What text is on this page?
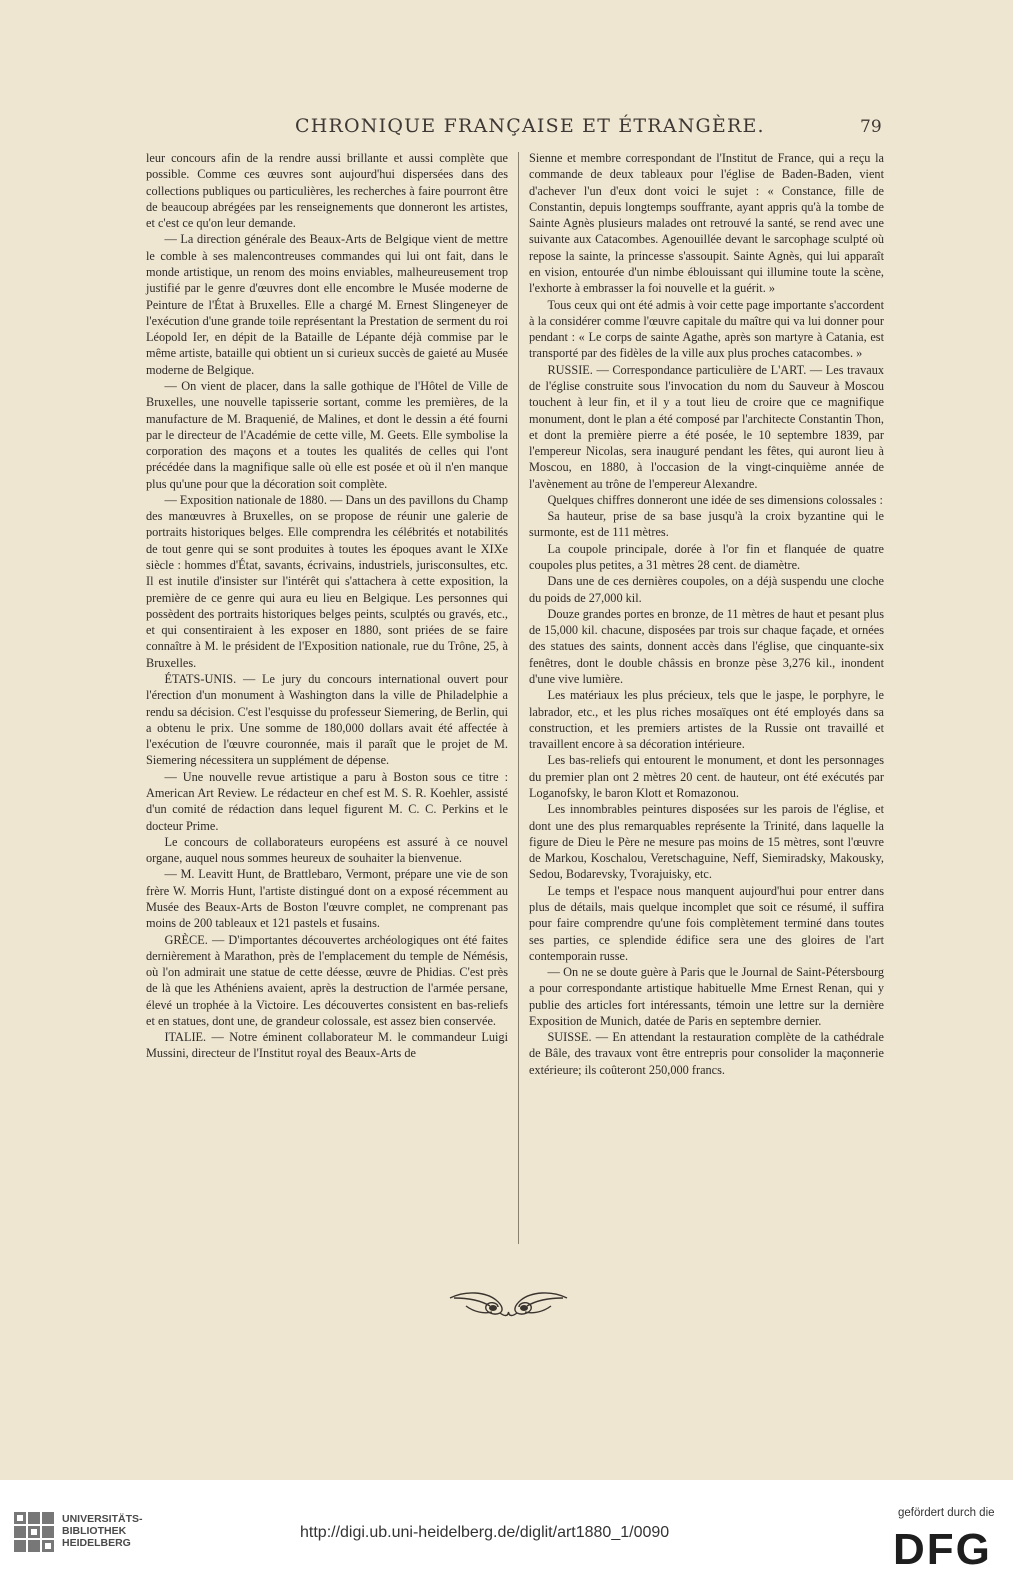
CHRONIQUE FRANÇAISE ET ÉTRANGÈRE.	79

leur concours afin de la rendre aussi brillante et aussi complète que possible. Comme ces œuvres sont aujourd'hui dispersées dans des collections publiques ou particulières, les recherches à faire pourront être de beaucoup abrégées par les renseignements que donneront les artistes, et c'est ce qu'on leur demande.

— La direction générale des Beaux-Arts de Belgique vient de mettre le comble à ses malencontreuses commandes qui lui ont fait, dans le monde artistique, un renom des moins enviables, malheureusement trop justifié par le genre d'œuvres dont elle encombre le Musée moderne de Peinture de l'État à Bruxelles. Elle a chargé M. Ernest Slingeneyer de l'exécution d'une grande toile représentant la Prestation de serment du roi Léopold Ier, en dépit de la Bataille de Lépante déjà commise par le même artiste, bataille qui obtient un si curieux succès de gaieté au Musée moderne de Belgique.

— On vient de placer, dans la salle gothique de l'Hôtel de Ville de Bruxelles, une nouvelle tapisserie sortant, comme les premières, de la manufacture de M. Braquenié, de Malines, et dont le dessin a été fourni par le directeur de l'Académie de cette ville, M. Geets. Elle symbolise la corporation des maçons et a toutes les qualités de celles qui l'ont précédée dans la magnifique salle où elle est posée et où il n'en manque plus qu'une pour que la décoration soit complète.

— Exposition nationale de 1880. — Dans un des pavillons du Champ des manœuvres à Bruxelles, on se propose de réunir une galerie de portraits historiques belges. Elle comprendra les célébrités et notabilités de tout genre qui se sont produites à toutes les époques avant le XIXe siècle : hommes d'État, savants, écrivains, industriels, jurisconsultes, etc. Il est inutile d'insister sur l'intérêt qui s'attachera à cette exposition, la première de ce genre qui aura eu lieu en Belgique. Les personnes qui possèdent des portraits historiques belges peints, sculptés ou gravés, etc., et qui consentiraient à les exposer en 1880, sont priées de se faire connaître à M. le président de l'Exposition nationale, rue du Trône, 25, à Bruxelles.

ÉTATS-UNIS. — Le jury du concours international ouvert pour l'érection d'un monument à Washington dans la ville de Philadelphie a rendu sa décision. C'est l'esquisse du professeur Siemering, de Berlin, qui a obtenu le prix. Une somme de 180,000 dollars avait été affectée à l'exécution de l'œuvre couronnée, mais il paraît que le projet de M. Siemering nécessitera un supplément de dépense.

— Une nouvelle revue artistique a paru à Boston sous ce titre : American Art Review. Le rédacteur en chef est M. S. R. Koehler, assisté d'un comité de rédaction dans lequel figurent M. C. C. Perkins et le docteur Prime.

Le concours de collaborateurs européens est assuré à ce nouvel organe, auquel nous sommes heureux de souhaiter la bienvenue.

— M. Leavitt Hunt, de Brattlebaro, Vermont, prépare une vie de son frère W. Morris Hunt, l'artiste distingué dont on a exposé récemment au Musée des Beaux-Arts de Boston l'œuvre complet, ne comprenant pas moins de 200 tableaux et 121 pastels et fusains.

GRÈCE. — D'importantes découvertes archéologiques ont été faites dernièrement à Marathon, près de l'emplacement du temple de Némésis, où l'on admirait une statue de cette déesse, œuvre de Phidias. C'est près de là que les Athéniens avaient, après la destruction de l'armée persane, élevé un trophée à la Victoire. Les découvertes consistent en bas-reliefs et en statues, dont une, de grandeur colossale, est assez bien conservée.

ITALIE. — Notre éminent collaborateur M. le commandeur Luigi Mussini, directeur de l'Institut royal des Beaux-Arts de

Sienne et membre correspondant de l'Institut de France, qui a reçu la commande de deux tableaux pour l'église de Baden-Baden, vient d'achever l'un d'eux dont voici le sujet : « Constance, fille de Constantin, depuis longtemps souffrante, ayant appris qu'à la tombe de Sainte Agnès plusieurs malades ont retrouvé la santé, se rend avec une suivante aux Catacombes. Agenouillée devant le sarcophage sculpté où repose la sainte, la princesse s'assoupit. Sainte Agnès, qui lui apparaît en vision, entourée d'un nimbe éblouissant qui illumine toute la scène, l'exhorte à embrasser la foi nouvelle et la guérit. »

Tous ceux qui ont été admis à voir cette page importante s'accordent à la considérer comme l'œuvre capitale du maître qui va lui donner pour pendant : « Le corps de sainte Agathe, après son martyre à Catania, est transporté par des fidèles de la ville aux plus proches catacombes. »

RUSSIE. — Correspondance particulière de L'ART. — Les travaux de l'église construite sous l'invocation du nom du Sauveur à Moscou touchent à leur fin, et il y a tout lieu de croire que ce magnifique monument, dont le plan a été composé par l'architecte Constantin Thon, et dont la première pierre a été posée, le 10 septembre 1839, par l'empereur Nicolas, sera inauguré pendant les fêtes, qui auront lieu à Moscou, en 1880, à l'occasion de la vingt-cinquième année de l'avènement au trône de l'empereur Alexandre.

Quelques chiffres donneront une idée de ses dimensions colossales :

Sa hauteur, prise de sa base jusqu'à la croix byzantine qui le surmonte, est de 111 mètres.

La coupole principale, dorée à l'or fin et flanquée de quatre coupoles plus petites, a 31 mètres 28 cent. de diamètre.

Dans une de ces dernières coupoles, on a déjà suspendu une cloche du poids de 27,000 kil.

Douze grandes portes en bronze, de 11 mètres de haut et pesant plus de 15,000 kil. chacune, disposées par trois sur chaque façade, et ornées des statues des saints, donnent accès dans l'église, que cinquante-six fenêtres, dont le double châssis en bronze pèse 3,276 kil., inondent d'une vive lumière.

Les matériaux les plus précieux, tels que le jaspe, le porphyre, le labrador, etc., et les plus riches mosaïques ont été employés dans sa construction, et les premiers artistes de la Russie ont travaillé et travaillent encore à sa décoration intérieure.

Les bas-reliefs qui entourent le monument, et dont les personnages du premier plan ont 2 mètres 20 cent. de hauteur, ont été exécutés par Loganofsky, le baron Klott et Romazonou.

Les innombrables peintures disposées sur les parois de l'église, et dont une des plus remarquables représente la Trinité, dans laquelle la figure de Dieu le Père ne mesure pas moins de 15 mètres, sont l'œuvre de Markou, Koschalou, Veretschaguine, Neff, Siemiradsky, Makousky, Sedou, Bodarevsky, Tvorajuisky, etc.

Le temps et l'espace nous manquent aujourd'hui pour entrer dans plus de détails, mais quelque incomplet que soit ce résumé, il suffira pour faire comprendre qu'une fois complètement terminé dans toutes ses parties, ce splendide édifice sera une des gloires de l'art contemporain russe.

— On ne se doute guère à Paris que le Journal de Saint-Pétersbourg a pour correspondante artistique habituelle Mme Ernest Renan, qui y publie des articles fort intéressants, témoin une lettre sur la dernière Exposition de Munich, datée de Paris en septembre dernier.

SUISSE. — En attendant la restauration complète de la cathédrale de Bâle, des travaux vont être entrepris pour consolider la maçonnerie extérieure; ils coûteront 250,000 francs.

UNIVERSITÄTS-
BIBLIOTHEK
HEIDELBERG
http://digi.ub.uni-heidelberg.de/diglit/art1880_1/0090
gefördert durch die
DFG
